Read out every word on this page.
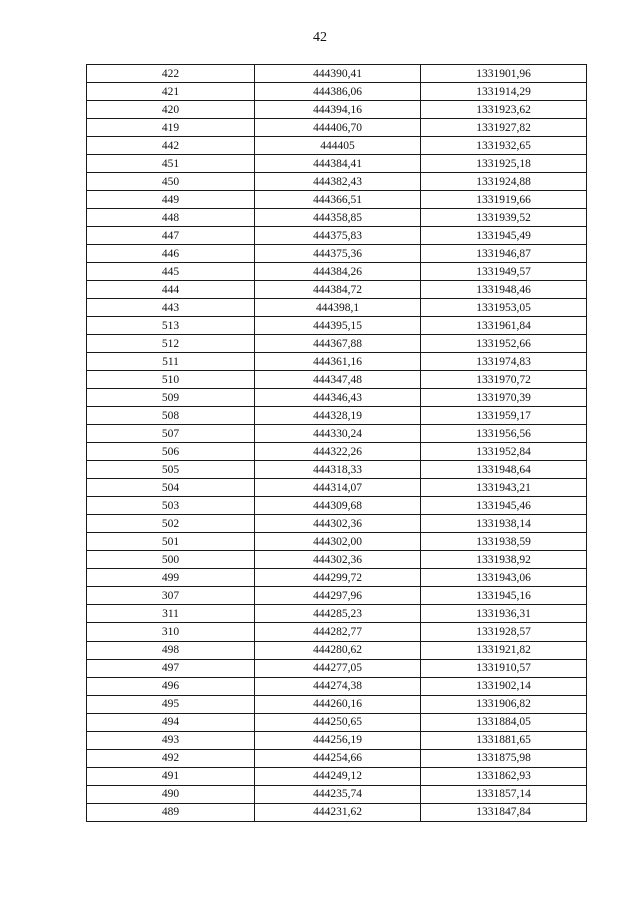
42
422	444390,41	1331901,96
421	444386,06	1331914,29
420	444394,16	1331923,62
419	444406,70	1331927,82
442	444405	1331932,65
451	444384,41	1331925,18
450	444382,43	1331924,88
449	444366,51	1331919,66
448	444358,85	1331939,52
447	444375,83	1331945,49
446	444375,36	1331946,87
445	444384,26	1331949,57
444	444384,72	1331948,46
443	444398,1	1331953,05
513	444395,15	1331961,84
512	444367,88	1331952,66
511	444361,16	1331974,83
510	444347,48	1331970,72
509	444346,43	1331970,39
508	444328,19	1331959,17
507	444330,24	1331956,56
506	444322,26	1331952,84
505	444318,33	1331948,64
504	444314,07	1331943,21
503	444309,68	1331945,46
502	444302,36	1331938,14
501	444302,00	1331938,59
500	444302,36	1331938,92
499	444299,72	1331943,06
307	444297,96	1331945,16
311	444285,23	1331936,31
310	444282,77	1331928,57
498	444280,62	1331921,82
497	444277,05	1331910,57
496	444274,38	1331902,14
495	444260,16	1331906,82
494	444250,65	1331884,05
493	444256,19	1331881,65
492	444254,66	1331875,98
491	444249,12	1331862,93
490	444235,74	1331857,14
489	444231,62	1331847,84
